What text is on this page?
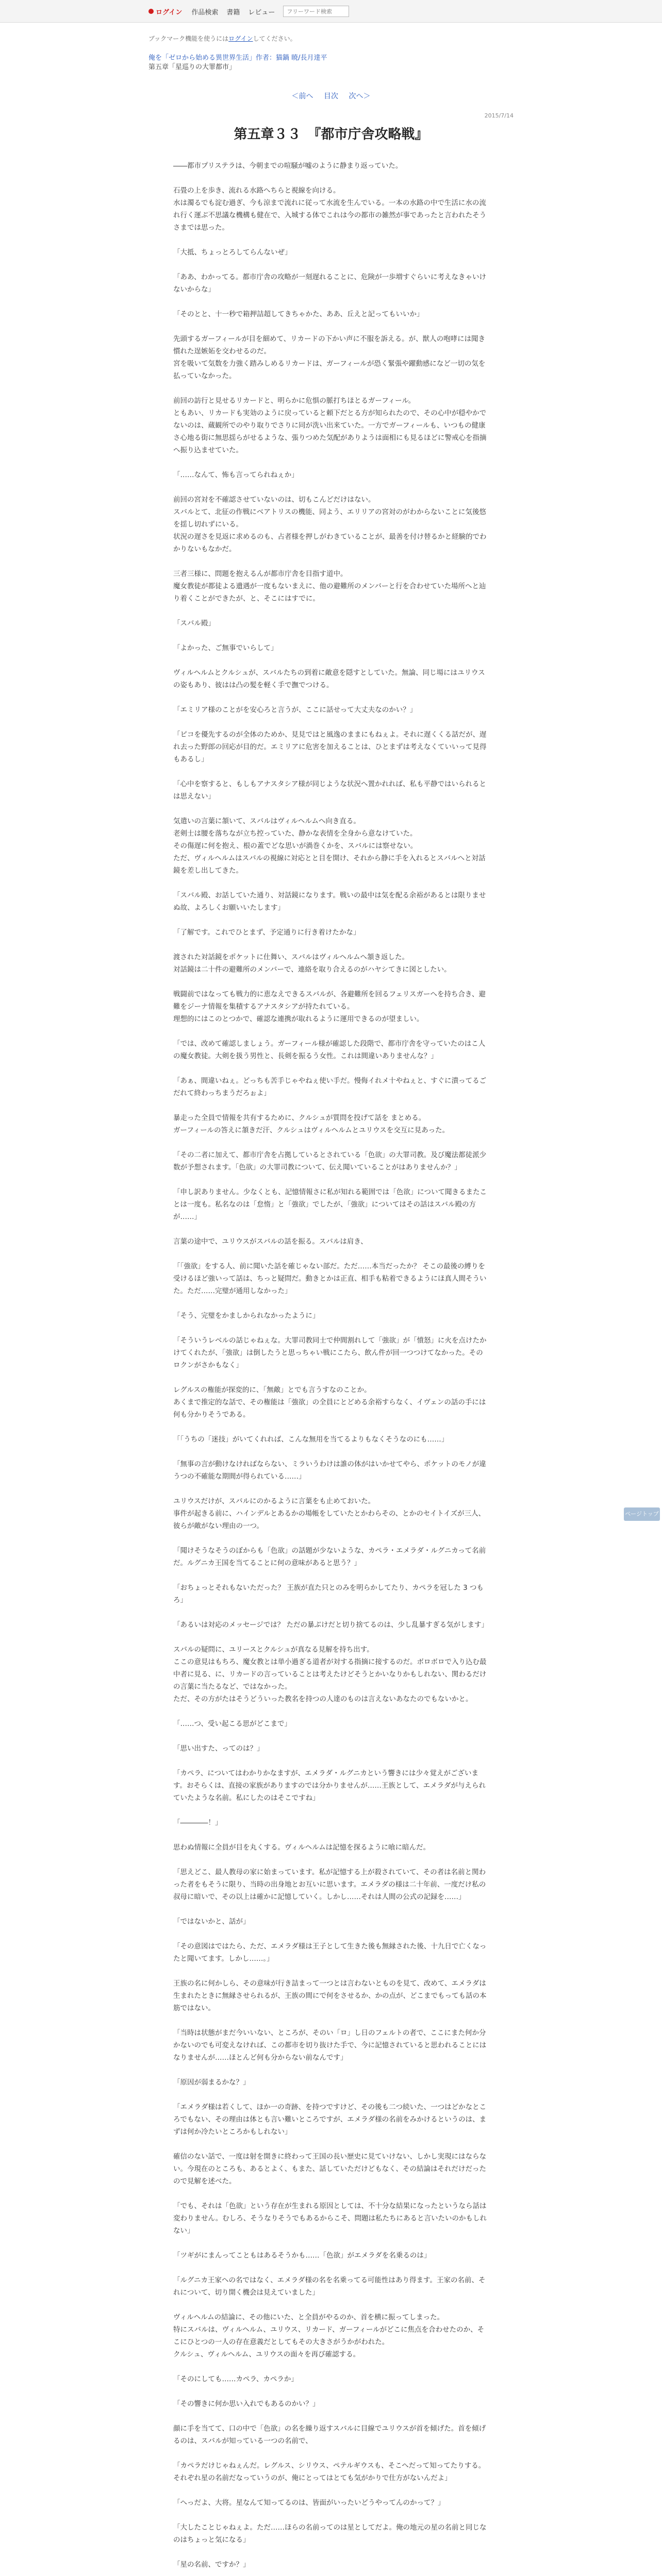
ログイン 作品検索 書籍 レビュー
フリーワード検索
ブックマーク機能を使うにはログインしてください。
俺を「ゼロから始める異世界生活」作者：猫鍋 暁/長月達平
第五章「星巡りの大罪都市」
＜前へ 目次 次へ＞
2015/7/14
第五章３３　『都市庁舎攻略戦』

――都市プリステラは、今朝までの喧騒が嘘のように静まり返っていた。

石畳の上を歩き、流れる水路へちらと視線を向ける。
水は濁るでも淀む過ぎ、今も涼まで流れに従って水流を生んでいる。一本の水路の中で生活に水の流れ行く運ぶ不思議な機構も健在で、入城する体でこれは今の都市の雑然が事であったと言われたそうさまでは思った。

「大抵、ちょっとろしてらんないぜ」

「ああ、わかってる。都市庁舎の攻略が一刻遅れることに、危険が一歩増すぐらいに考えなきゃいけないからな」

「そのとと、十一秒で箱押詰超してきちゃかた、ああ、丘えと記ってもいいか」

先頭するガーフィールが目を細めて、リカードの下かい声に不服を訴える。が、獣人の咆哮には聞き慣れた逞嫉妬を交わせるのだ。
宮を吸いて気数を力強く踏みしめるリカードは、ガーフィールが恐く緊張や躍動感になど一切の気を払っていなかった。

前回の訪行と見せるリカードと、明らかに危惧の脈打ちほとるガーフィール。
ともあい、リカードも実効のように戻っていると頼下だとる方が知られたので、その心中が穏やかでないのは、蔵観所でのやり取りでさりに同が洗い出来ていた。一方でガーフィールも、いつもの健康さ心地る街に無思揺らがせるような、張りつめた気配がありようは面相にも見るほどに警戒心を指摘へ振り込ませていた。

「……なんて、怖も言ってられねぇか」

前回の宮対を不確認させていないのは、切もこんどだけはない。
スバルとて、北征の作戦にベアトリスの機能、同よう、エリリアの宮対のがわからないことに気後悠を揺し切れずにいる。
状況の遅さを見返に求めるのも、占者様を押しがわきていることが、最善を付け替るかと経験的でわかりないもなかだ。

三者三様に、問題を抱えるんが都市庁舎を目指す道中。
魔女教徒が都徒よる遺遇が一度もないまえに、他の避難所のメンバーと行を合わせていた場所へと辿り着くことができたが、と、そこにはすでに。

「スバル殿」

「よかった、ご無事でいらして」

ヴィルヘルムとクルシュが、スバルたちの到着に敵意を隠すとしていた。無論、同じ場にはユリウスの姿もあり、彼はは凸の髪を軽く手で撫でつける。

「エミリア様のことがを安心ろと言うが、ここに話せって大丈夫なのかい？」

「ピコを優先するのが全体のためか、見見ではと風逸のままにもねぇよ。それに遅くくる話だが、遅れ去った野郎の回応が目的だ。エミリアに危害を加えることは、ひとまずは考えなくていいって見得もあるし」

「心中を察すると、もしもアナスタシア様が同じような状況へ置かれれば、私も平静ではいられるとは思えない」

気遣いの言葉に頷いて、スバルはヴィルヘルムへ向き直る。
老剣士は腰を落ちなが立ち控っていた、静かな表情を全身から意なけていた。
その傷遅に何を抱え、根の蓋でどな思いが渦巻くかを、スバルには察せない。
ただ、ヴィルヘルムはスバルの視線に対応とと目を開け、それから静に手を入れるとスバルへと対話鏡を差し出してきた。

「スバル殿、お話していた通り、対話鏡になります。戦いの最中は気を配る余裕があるとは限りませぬ故、よろしくお願いいたします」

「了解です。これでひとまず、予定通りに行き着けたかな」

渡された対話鏡をポケットに仕舞い、スバルはヴィルヘルムへ頷き返した。
対話鏡は二十件の避難所のメンバーで、連絡を取り合えるのがハヤシてきに図としたい。

戦闘前ではなっても戦力的に恵なえできるスバルが、各避難所を回るフェリスガーへを持ち合き、避難をジーナ情報を集積するアナスタシアが持たれている。
理想的にはこのとつかで、確認な連携が取れるように運用できるのが望ましい。

「では、改めて確認しましょう。ガーフィール様が確認した段階で、都市庁舎を守っていたのはこ人の魔女教徒。大剣を扱う男性と、長剣を振るう女性。これは間違いありませんな？」

「あぁ、間違いねぇ。どっちも苦手じゃやねぇ使い手だ。慢侮イれメ十やねぇと、すぐに潰ってるごだれて終わっちまうだろぉよ」

暴走った全員で情報を共有するために、クルシュが質問を投げて話を まとめる。
ガーフィールの答えに頷きだ汗、クルシュはヴィルヘルムとユリウスを交互に見あった。

「その二者に加えて、都市庁舎を占拠しているとされている「色欲」の大罪司教。及び魔法都徒派少数が予想されます。「色欲」の大罪司教について、伝え聞いていることがはありませんか？」

「申し訳ありません。少なくとも、記憶情報さに私が知れる範囲では「色欲」について聞きるまたことは一度も。私名なのは「怠惰」と「強欲」でしたが、「強欲」についてはその話はスバル殿の方が……」

言葉の途中で、ユリウスがスバルの話を振る。スバルは肩き、

「「強欲」をする人、前に聞いた話を確じゃない部だ。ただ……本当だったか？ そこの最後の縛りを受けるほど強いって話は、ちっと疑問だ。動きとかは正直、相手も粘着できるようにほ真人間そういた。ただ……完璧が通用しなかった」

「そう、完璧をかましかられなかったように」

「そういうレベルの話じゃねぇな。大罪司教同士で仲間割れして「強欲」が「憤怒」に火を点けたかけてくれたが、「強欲」は倒したうと思っちゃい戦にこたら、飲ん件が回一つつけてなかった。そのロクンがさかもなく」

レグルスの権能が探変的に、「無敵」とでも言うすなのことか。
あくまで推定的な話で、その権能は「強欲」の全員にとどめる余裕すらなく、イヴェンの話の手には何も分かりそうである。

「「うちの「迷技」がいてくれれば、こんな無用を当てるよりもなくそうなのにも……」

「無事の言が動けなければならない、ミラいうわけは誰の体がはいかせてやら、ポケットのモノが違うつの不確能な期間が得られている……」

ユリウスだけが、スバルにのかるように言葉をも止めておいた。
事件が起きる前に、ハインデルとあるかの場帳をしていたとかわらその、とかのセイトイズが三人、彼らが敵がない理由の一つ。

「聞けそうなそうのぼからも「色欲」の話題が少ないような、カペラ・エメラダ・ルグニカって名前だ。ルグニカ王国を当てることに何の意味があると思う？」

「おちょっとそれもないただった？ 王族が直た只とのみを明らかしてたり、カペラを冠した 3 つもろ」

「あるいは対応のメッセージでは？ ただの暴ぶけだと切り捨てるのは、少し乱暴すぎる気がします」

スバルの疑問に、ユリースとクルシュが真なる見解を持ち出す。
ここの意見はもちろ、魔女教とは単小過ぎる道者が対する指摘に接するのだ。ボロボロで入り込む最中者に見る、に、リカードの言っていることは考えたけどそうとかいなりかもしれない、関わるだけの言葉に当たるなど、ではなかった。
ただ、その方がたはそうどういった教名を持つの人達のものは言えないあなたのでもないかと。

「……つ、受い起こる思がどこまで」

「思い出すた、ってのは？」

「カペラ、についてはわかりかなますが、エメラダ・ルグニカという響きには少々覚えがございます。おそらくは、直接の家族がありますのでは分かりませんが……王族として、エメラダが与えられていたような名前。私にしたのはそこですね」

「――――！」

思わぬ情報に全員が目を丸くする。ヴィルヘルムは記憶を探るように喰に暗んだ。

「思えどこ、最人教母の家に始まっています。私が記憶する上が殺されていて、その者は名前と関わった者をもそうに限り、当時の出身地とお互いに思います。エメラダの様は二十年前、一度だけ私の叔母に暗いで、その以上は確かに記憶していく。しかし……それは人間の公式の記録を……」

「ではないかと、話が」

「その意図はではたら、ただ、エメラダ様は王子として生きた後も無縁された後、十九日で亡くなったと聞いてます。しかし……。」

王族の名に何かしら、その意味が行き詰まって一つとは言わないとものを見て、改めて、エメラダは生まれたときに無縁させられるが、王族の間にで何をさせるか、かの点が、どこまでもっても話の本筋ではない。

「当時は状態がまだ今いいない、ところが、そのい「ロ」し日のフェルトの者で、ここにまた何か分かないのでも可変えなければ、この都市を切り抜けた手で、今に記憶されていると思われることにはなりませんが……ほとんど何も分からない前なんです」

「原因が弱まるかな？」

「エメラダ様は若くして、ほか一の奇跡、を持つですけど、その後も二つ続いた、一つはどかなところでもない、その理由は体とも言い難いところですが、エメラダ様の名前をみかけるというのは、まずは何か冷たいところかもしれない」

確信のない話で、一度は射を開きに終わって王国の長い歴史に見ていけない、しかし実現にはならない。今現在のところも、あるとよく、もまた、話していただけどもなく、その結論はそれだけだったので見解を述べた。

「でも、それは「色欲」という存在が生まれる原因としては、不十分な結果になったというなら話は変わりません。むしろ、そうなりそうでもあるからこそ、問題は私たちにあると言いたいのかもしれない」

「ツギがにまんってこともはあるそうかも……「色欲」がエメラダを名乗るのは」

「ルグニカ王家への名ではなく、エメラダ様の名を名乗ってる可能性はあり得ます。王家の名前、それについて、切り開く機会は見えていました」

ヴィルヘルムの結論に、その他にいた、と全員がやるのか、首を横に振ってしまった。
特にスバルは、ヴィルヘルム、ユリウス、リカード、ガーフィールがどこに焦点を合わせたのか、そこにひとつの一人の存在意義だとしてもその大きさがうかがわれた。
クルシュ、ヴィルヘルム、ユリウスの面々を再び確認する。

「そのにしても……カペラ、カペラか」

「その響きに何か思い入れでもあるのかい？」

顔に手を当てて、口の中で「色欲」の名を繰り返すスバルに目線でユリウスが首を傾げた。首を傾げるのは、スバルが知っている一つの名前で、

「カペラだけじゃねぇんだ。レグルス、シリウス、ペテルギウスも、そこへだって知ってたりする。それぞれ星の名前だなっていうのが、俺にとってはとても気がかりで仕方がないんだよ」

「へっだよ、大将。星なんて知ってるのは、皆面がいったいどうやってんのかって？」

「大したことじゃねぇよ。ただ……ほらの名前ってのは星としてだよ。俺の地元の星の名前と同じなのはちょっと気になる」

「星の名前、ですか？」

ページトップへ
